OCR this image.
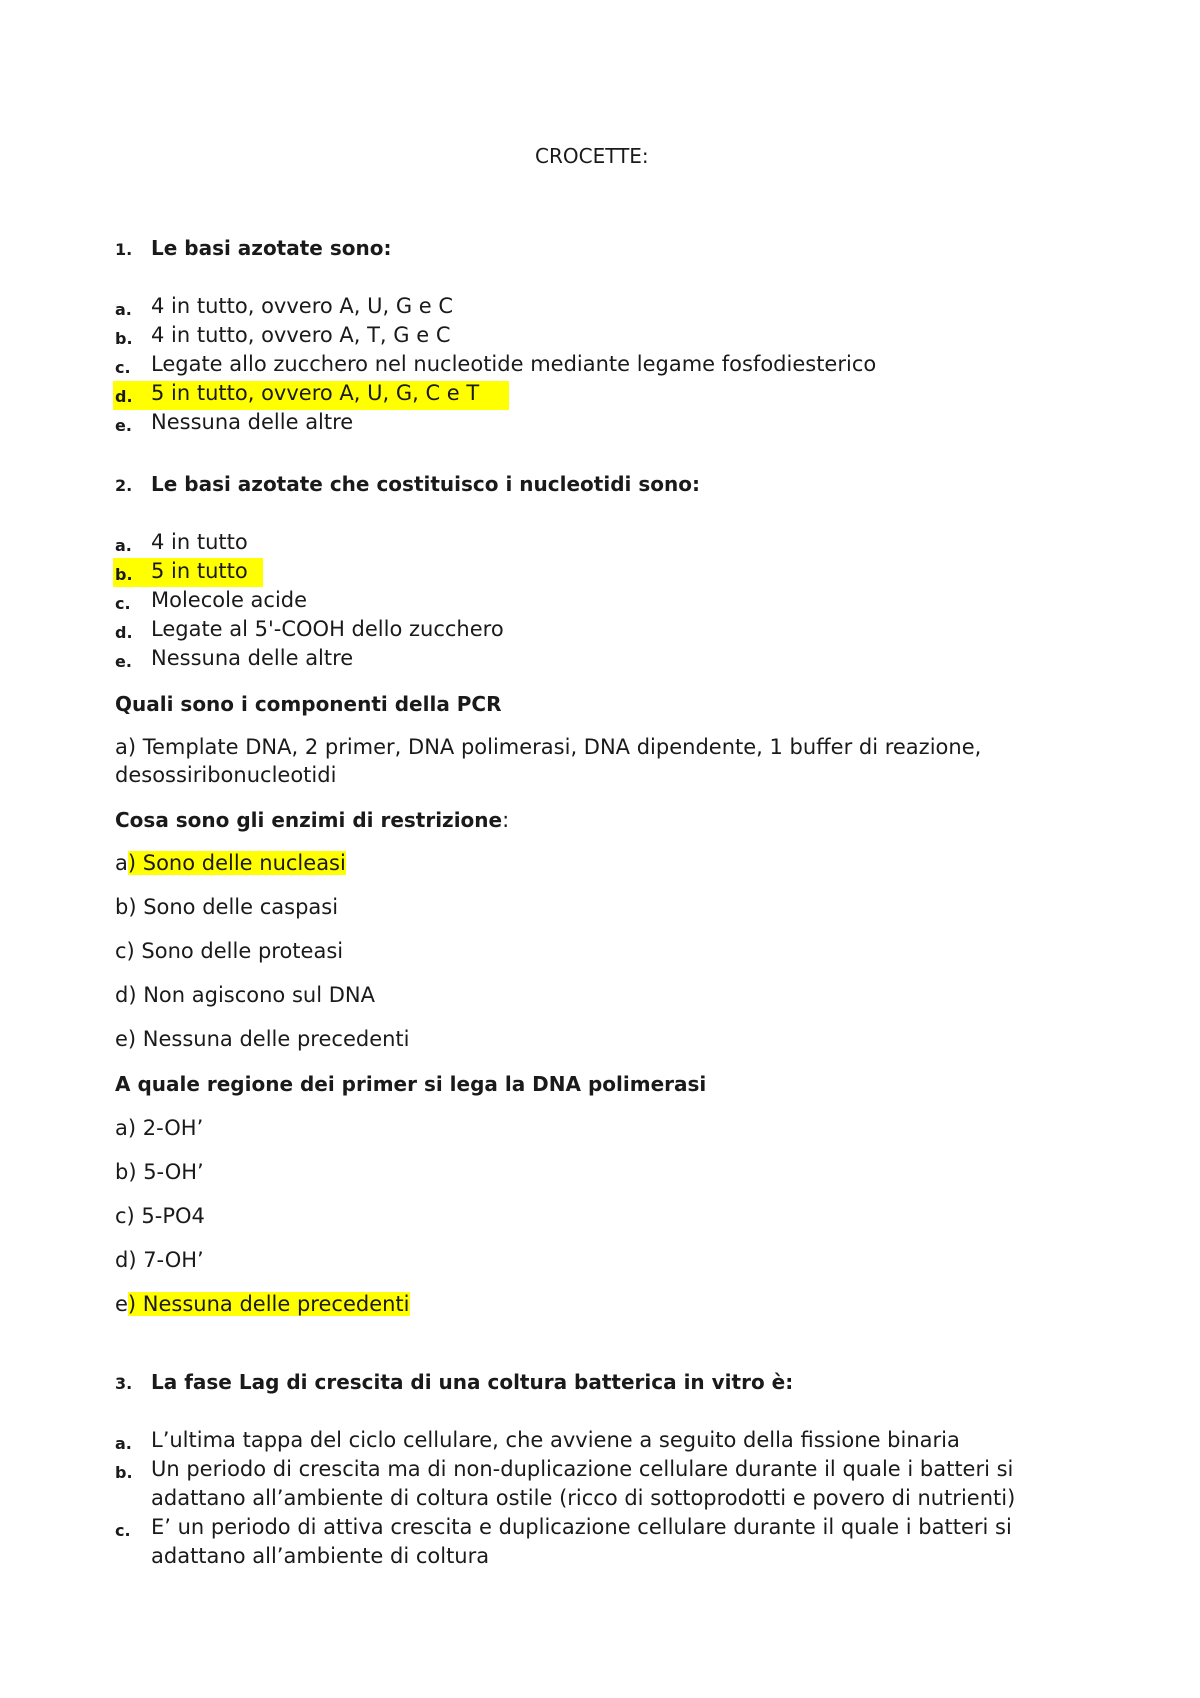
CROCETTE:
1. Le basi azotate sono:
a. 4 in tutto, ovvero A, U, G e C
b. 4 in tutto, ovvero A, T, G e C
c. Legate allo zucchero nel nucleotide mediante legame fosfodiesterico
d. 5 in tutto, ovvero A, U, G, C e T
e. Nessuna delle altre
2. Le basi azotate che costituisco i nucleotidi sono:
a. 4 in tutto
b. 5 in tutto
c. Molecole acide
d. Legate al 5'-COOH dello zucchero
e. Nessuna delle altre
Quali sono i componenti della PCR
a) Template DNA, 2 primer, DNA polimerasi, DNA dipendente, 1 buffer di reazione,
desossiribonucleotidi
Cosa sono gli enzimi di restrizione:
a) Sono delle nucleasi
b) Sono delle caspasi
c) Sono delle proteasi
d) Non agiscono sul DNA
e) Nessuna delle precedenti
A quale regione dei primer si lega la DNA polimerasi
a) 2-OH’
b) 5-OH’
c) 5-PO4
d) 7-OH’
e) Nessuna delle precedenti
3. La fase Lag di crescita di una coltura batterica in vitro è:
a. L’ultima tappa del ciclo cellulare, che avviene a seguito della fissione binaria
b. Un periodo di crescita ma di non-duplicazione cellulare durante il quale i batteri si
adattano all’ambiente di coltura ostile (ricco di sottoprodotti e povero di nutrienti)
c. E’ un periodo di attiva crescita e duplicazione cellulare durante il quale i batteri si
adattano all’ambiente di coltura
